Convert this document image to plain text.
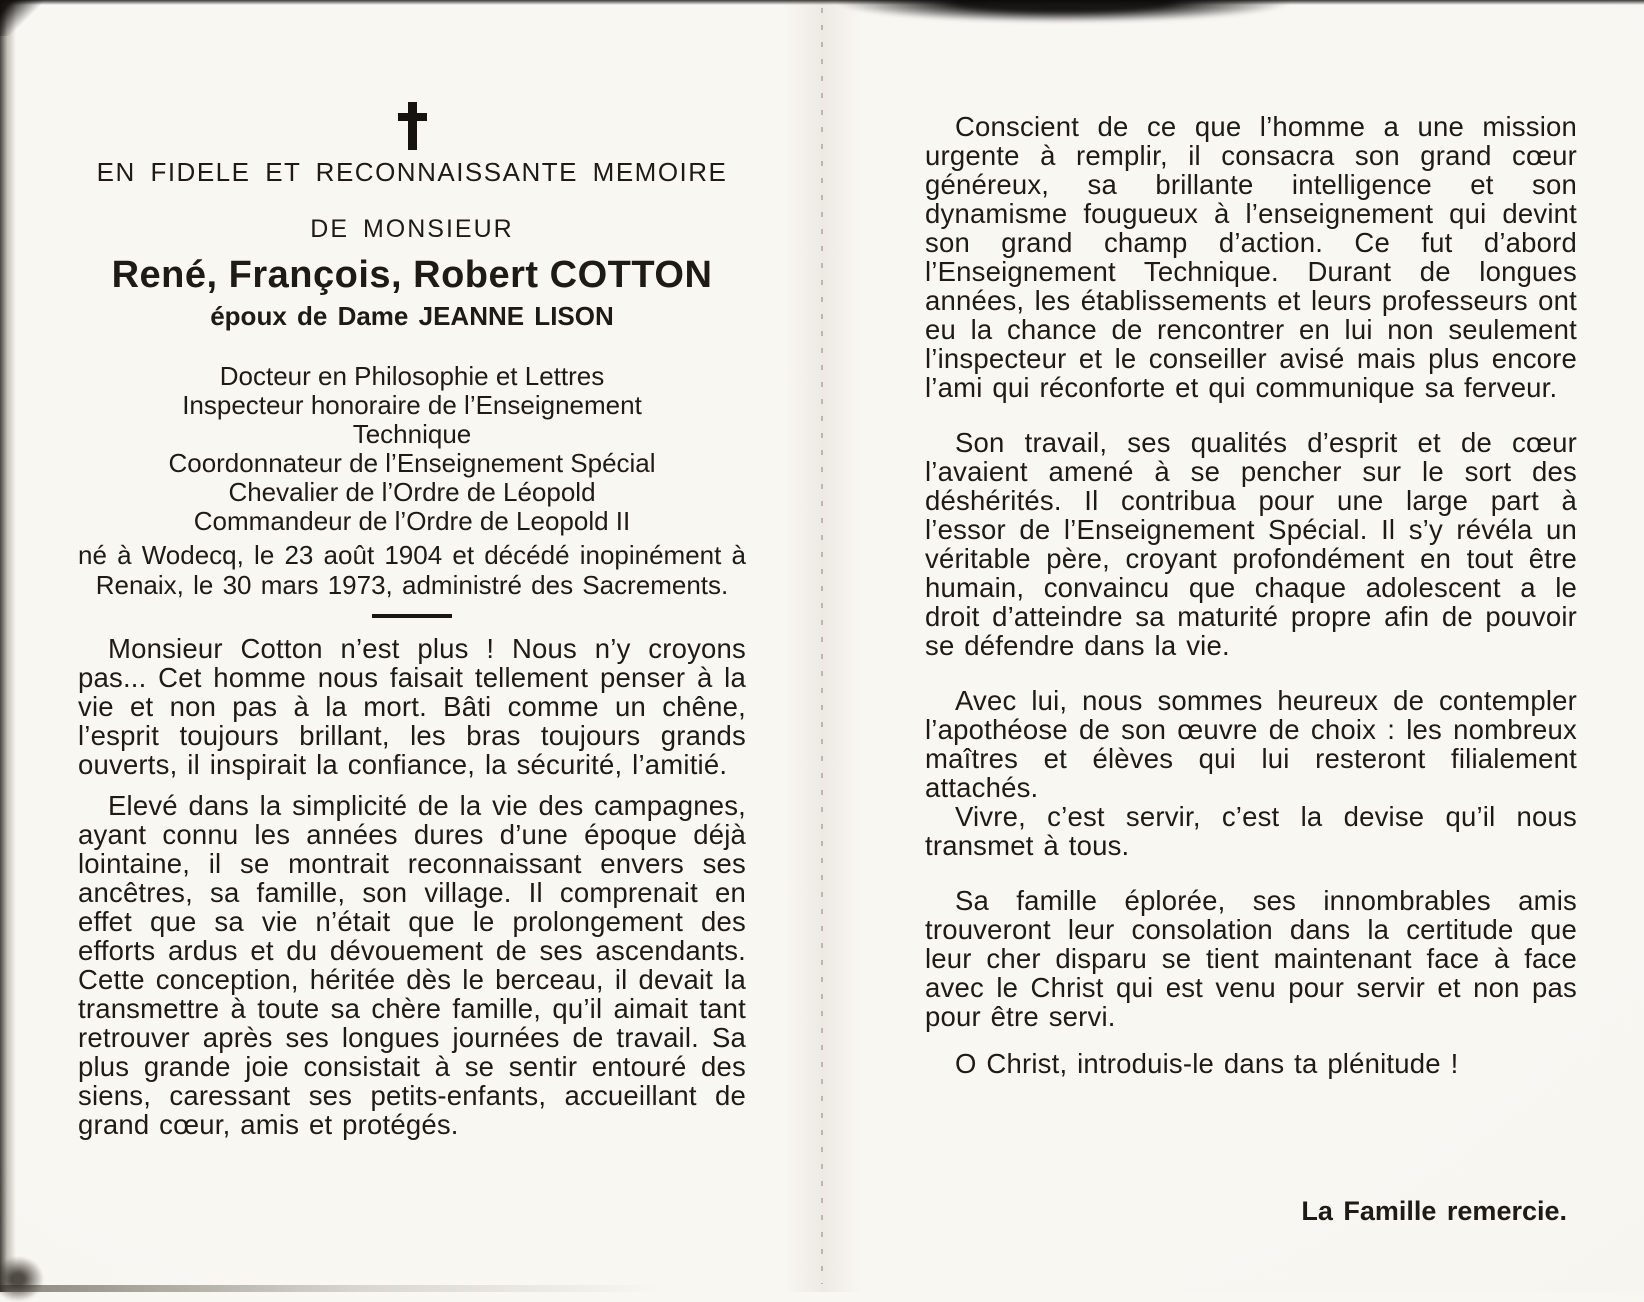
EN FIDELE ET RECONNAISSANTE MEMOIRE
DE MONSIEUR
René, François, Robert COTTON
époux de Dame JEANNE LISON
Docteur en Philosophie et Lettres
Inspecteur honoraire de l’Enseignement
Technique
Coordonnateur de l’Enseignement Spécial
Chevalier de l’Ordre de Léopold
Commandeur de l’Ordre de Leopold II
né à Wodecq, le 23 août 1904 et décédé inopinément à Renaix, le 30 mars 1973, administré des Sacrements.

Monsieur Cotton n’est plus ! Nous n’y croyons pas... Cet homme nous faisait tellement penser à la vie et non pas à la mort. Bâti comme un chêne, l’esprit toujours brillant, les bras toujours grands ouverts, il inspirait la confiance, la sécurité, l’amitié.

Elevé dans la simplicité de la vie des campagnes, ayant connu les années dures d’une époque déjà lointaine, il se montrait reconnaissant envers ses ancêtres, sa famille, son village. Il comprenait en effet que sa vie n’était que le prolongement des efforts ardus et du dévouement de ses ascendants. Cette conception, héritée dès le berceau, il devait la transmettre à toute sa chère famille, qu’il aimait tant retrouver après ses longues journées de travail. Sa plus grande joie consistait à se sentir entouré des siens, caressant ses petits-enfants, accueillant de grand cœur, amis et protégés.

Conscient de ce que l’homme a une mission urgente à remplir, il consacra son grand cœur généreux, sa brillante intelligence et son dynamisme fougueux à l’enseignement qui devint son grand champ d’action. Ce fut d’abord l’Enseignement Technique. Durant de longues années, les établissements et leurs professeurs ont eu la chance de rencontrer en lui non seulement l’inspecteur et le conseiller avisé mais plus encore l’ami qui réconforte et qui communique sa ferveur.

Son travail, ses qualités d’esprit et de cœur l’avaient amené à se pencher sur le sort des déshérités. Il contribua pour une large part à l’essor de l’Enseignement Spécial. Il s’y révéla un véritable père, croyant profondément en tout être humain, convaincu que chaque adolescent a le droit d’atteindre sa maturité propre afin de pouvoir se défendre dans la vie.

Avec lui, nous sommes heureux de contempler l’apothéose de son œuvre de choix : les nombreux maîtres et élèves qui lui resteront filialement attachés.

Vivre, c’est servir, c’est la devise qu’il nous transmet à tous.

Sa famille éplorée, ses innombrables amis trouveront leur consolation dans la certitude que leur cher disparu se tient maintenant face à face avec le Christ qui est venu pour servir et non pas pour être servi.

O Christ, introduis-le dans ta plénitude !

La Famille remercie.
